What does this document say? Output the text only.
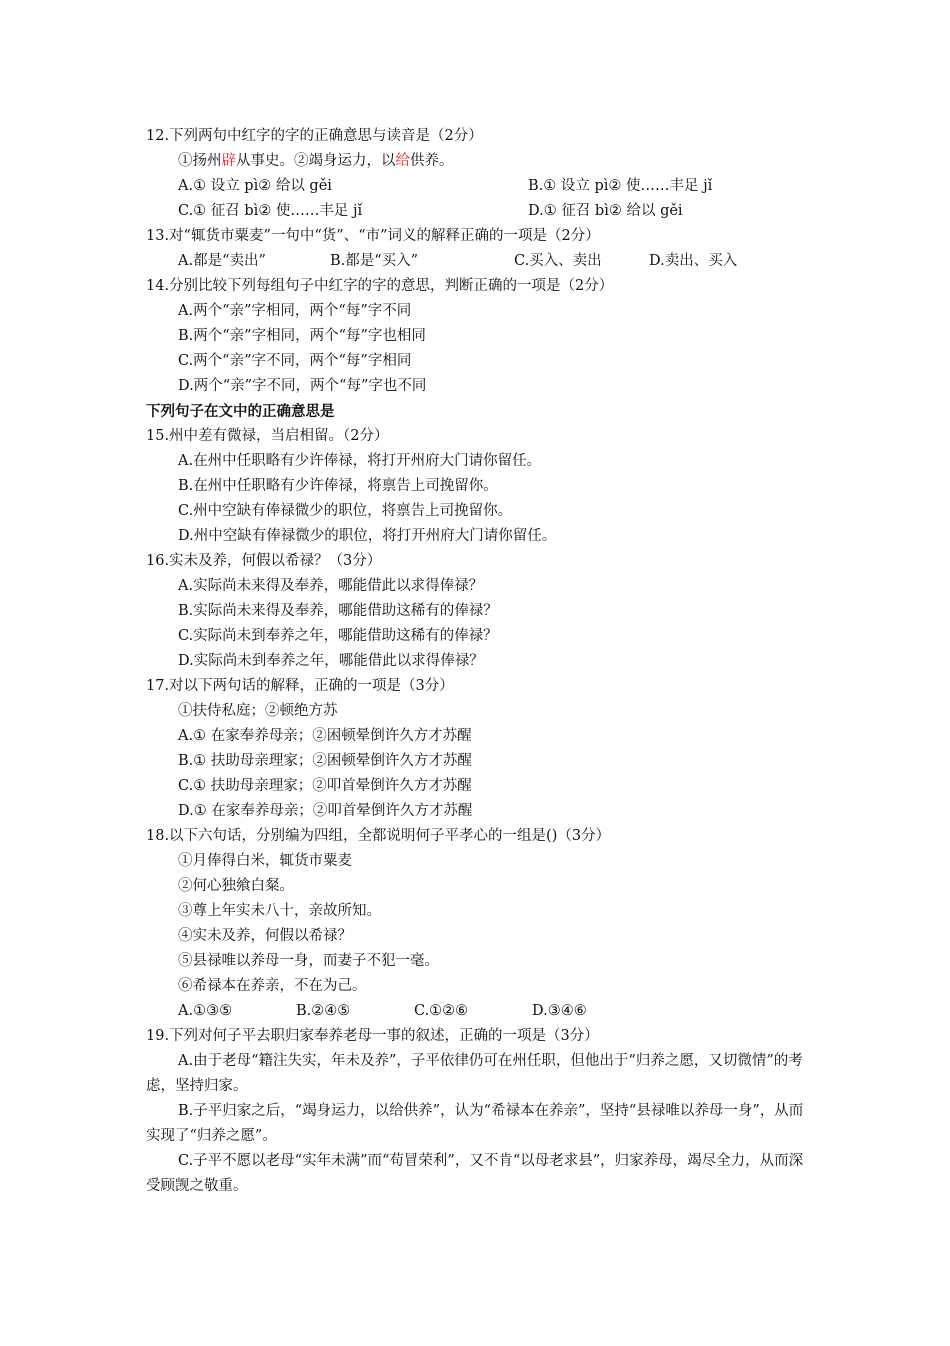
12.下列两句中红字的字的正确意思与读音是（2分）
①扬州辟从事史。②竭身运力，以给供养。
A.① 设立 pì② 给以 gěi	B.① 设立 pì② 使……丰足 jǐ
C.① 征召 bì② 使……丰足 jǐ	D.① 征召 bì② 给以 gěi
13.对“辄货市粟麦”一句中“货”、“市”词义的解释正确的一项是（2分）
A.都是“卖出”	B.都是“买入”	C.买入、卖出	D.卖出、买入
14.分别比较下列每组句子中红字的字的意思，判断正确的一项是（2分）
A.两个“亲”字相同，两个“每”字不同
B.两个“亲”字相同，两个“每”字也相同
C.两个“亲”字不同，两个“每”字相同
D.两个“亲”字不同，两个“每”字也不同
下列句子在文中的正确意思是
15.州中差有微禄，当启相留。（2分）
A.在州中任职略有少许俸禄，将打开州府大门请你留任。
B.在州中任职略有少许俸禄，将禀告上司挽留你。
C.州中空缺有俸禄微少的职位，将禀告上司挽留你。
D.州中空缺有俸禄微少的职位，将打开州府大门请你留任。
16.实未及养，何假以希禄？（3分）
A.实际尚未来得及奉养，哪能借此以求得俸禄？
B.实际尚未来得及奉养，哪能借助这稀有的俸禄？
C.实际尚未到奉养之年，哪能借助这稀有的俸禄？
D.实际尚未到奉养之年，哪能借此以求得俸禄？
17.对以下两句话的解释，正确的一项是（3分）
①扶侍私庭；②顿绝方苏
A.① 在家奉养母亲；②困顿晕倒许久方才苏醒
B.① 扶助母亲理家；②困顿晕倒许久方才苏醒
C.① 扶助母亲理家；②叩首晕倒许久方才苏醒
D.① 在家奉养母亲；②叩首晕倒许久方才苏醒
18.以下六句话，分别编为四组，全都说明何子平孝心的一组是()（3分）
①月俸得白米，辄货市粟麦
②何心独飨白粲。
③尊上年实未八十，亲故所知。
④实未及养，何假以希禄？
⑤县禄唯以养母一身，而妻子不犯一毫。
⑥希禄本在养亲，不在为己。
A.①③⑤	B.②④⑤	C.①②⑥	D.③④⑥
19.下列对何子平去职归家奉养老母一事的叙述，正确的一项是（3分）
A.由于老母“籍注失实，年未及养”，子平依律仍可在州任职，但他出于“归养之愿，又切微情”的考虑，坚持归家。
B.子平归家之后，“竭身运力，以给供养”，认为“希禄本在养亲”，坚持“县禄唯以养母一身”，从而实现了“归养之愿”。
C.子平不愿以老母“实年未满”而“苟冒荣利”，又不肯“以母老求县”，归家养母，竭尽全力，从而深受顾觊之敬重。
